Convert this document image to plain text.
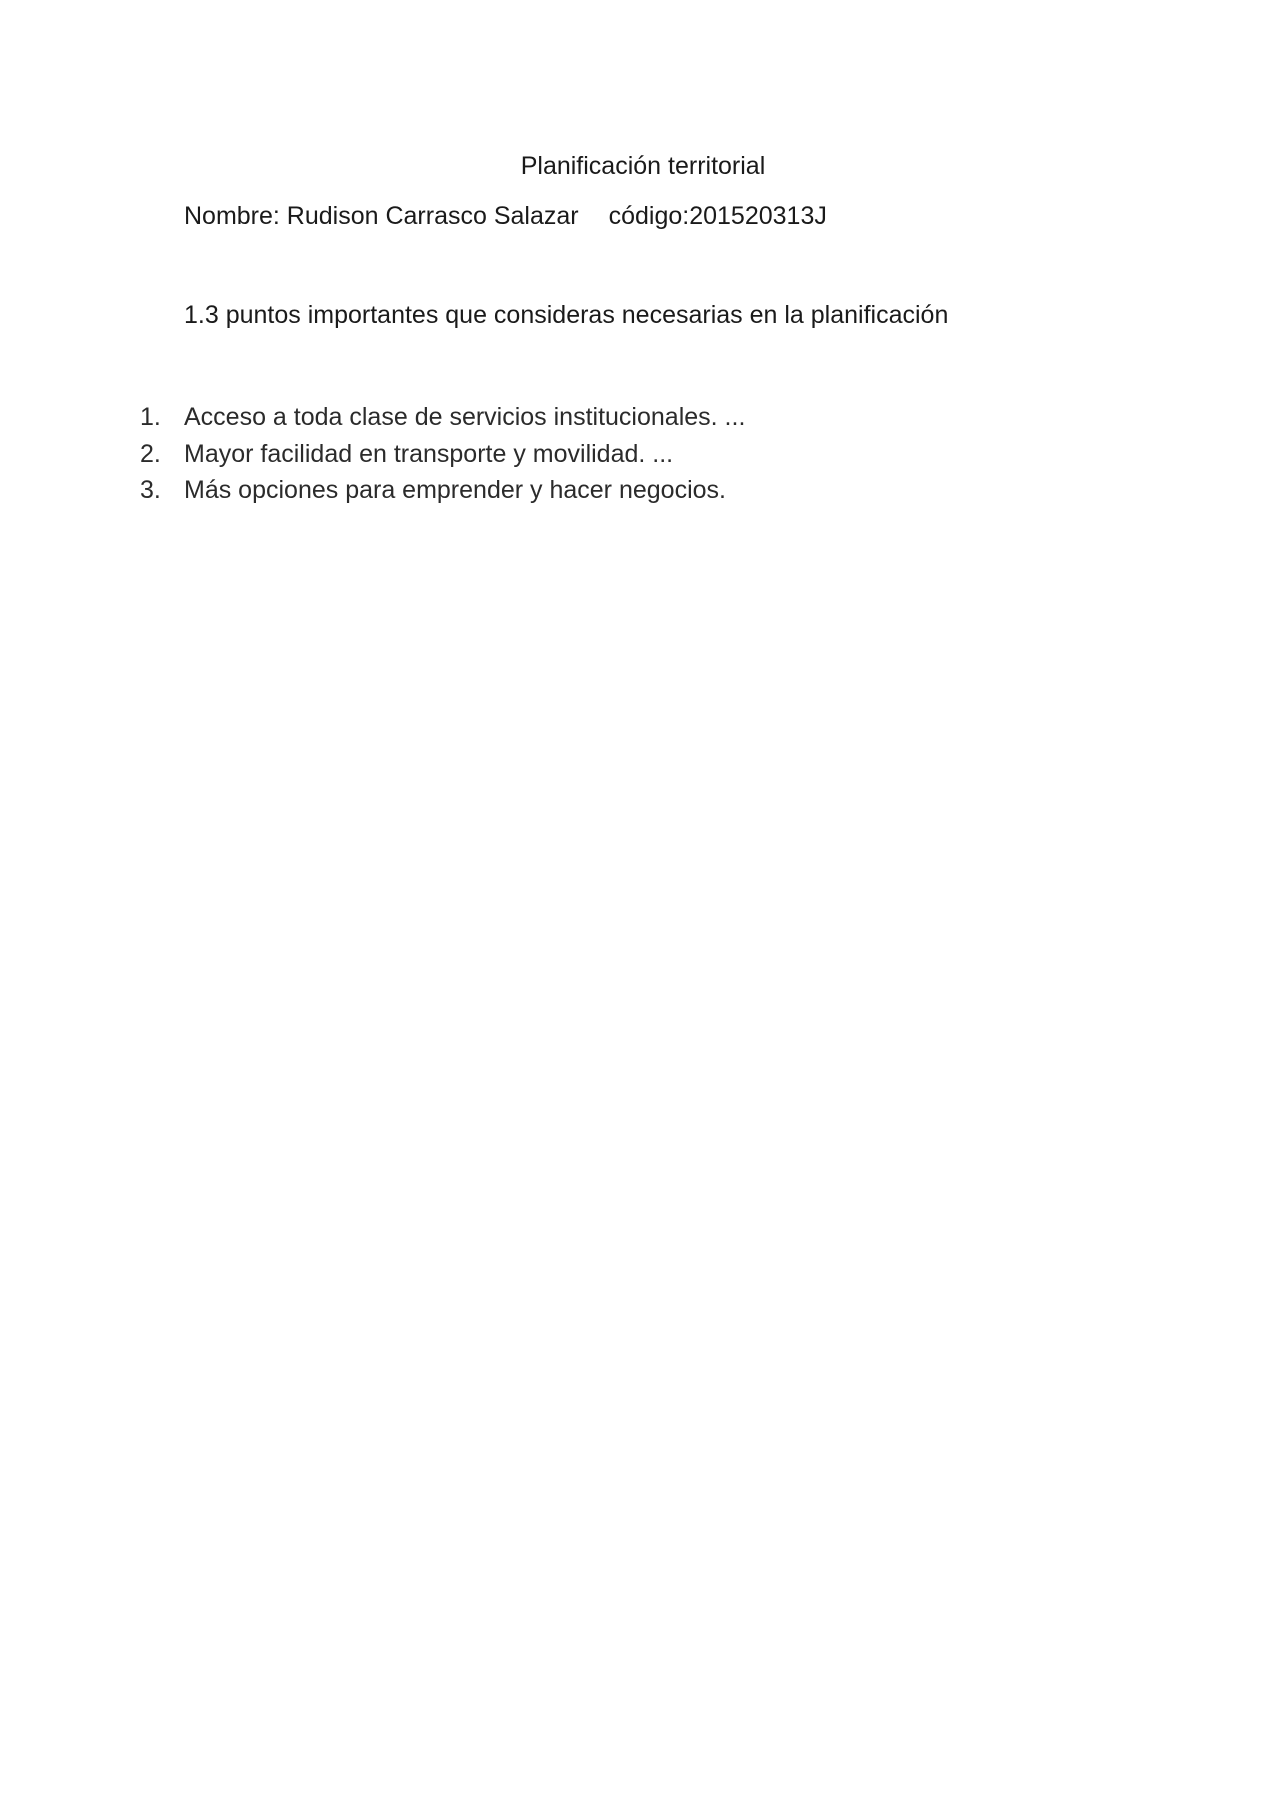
Planificación territorial
Nombre: Rudison Carrasco Salazar código:201520313J
1.3 puntos importantes que consideras necesarias en la planificación
1. Acceso a toda clase de servicios institucionales. ...
2. Mayor facilidad en transporte y movilidad. ...
3. Más opciones para emprender y hacer negocios.
